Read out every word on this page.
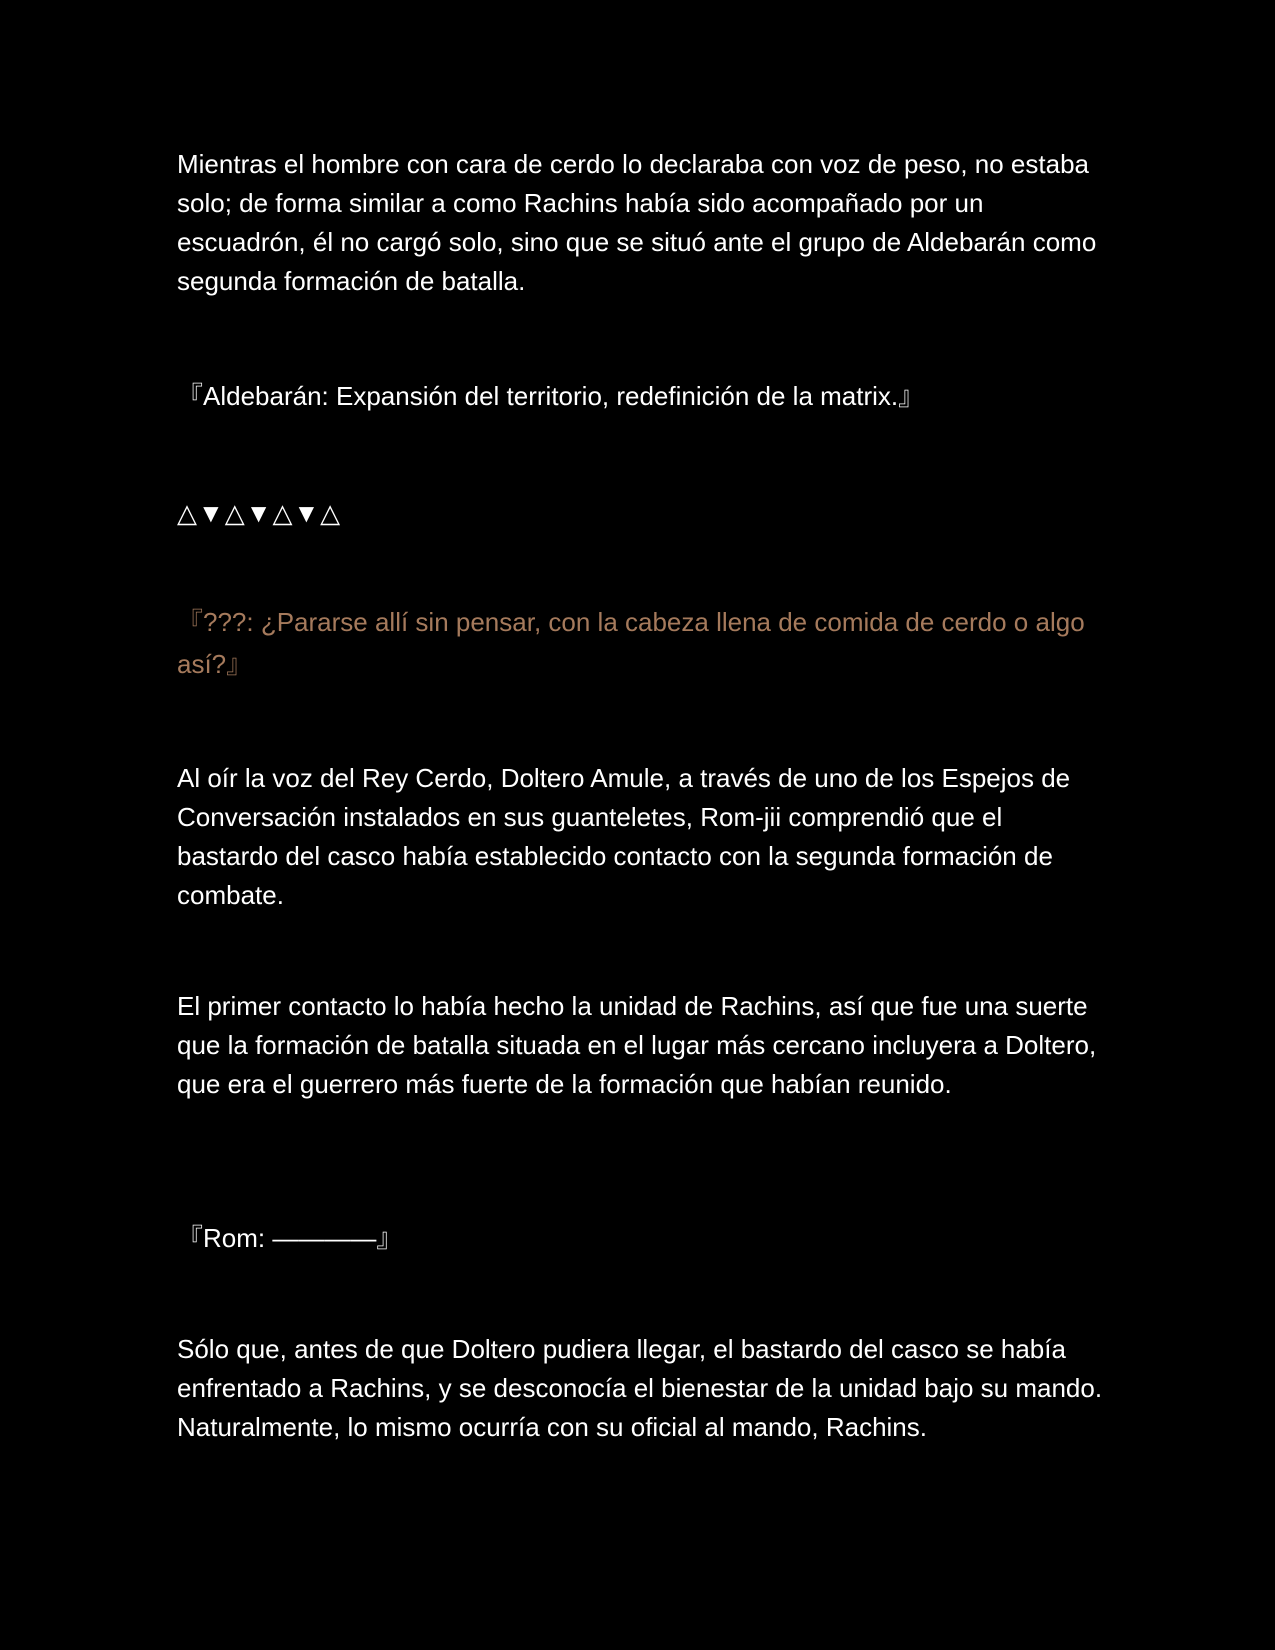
Mientras el hombre con cara de cerdo lo declaraba con voz de peso, no estaba solo; de forma similar a como Rachins había sido acompañado por un escuadrón, él no cargó solo, sino que se situó ante el grupo de Aldebarán como segunda formación de batalla.

『Aldebarán: Expansión del territorio, redefinición de la matrix.』

△▼△▼△▼△

『???: ¿Pararse allí sin pensar, con la cabeza llena de comida de cerdo o algo así?』

Al oír la voz del Rey Cerdo, Doltero Amule, a través de uno de los Espejos de Conversación instalados en sus guanteletes, Rom-jii comprendió que el bastardo del casco había establecido contacto con la segunda formación de combate.

El primer contacto lo había hecho la unidad de Rachins, así que fue una suerte que la formación de batalla situada en el lugar más cercano incluyera a Doltero, que era el guerrero más fuerte de la formación que habían reunido.

『Rom: ————』

Sólo que, antes de que Doltero pudiera llegar, el bastardo del casco se había enfrentado a Rachins, y se desconocía el bienestar de la unidad bajo su mando. Naturalmente, lo mismo ocurría con su oficial al mando, Rachins.
